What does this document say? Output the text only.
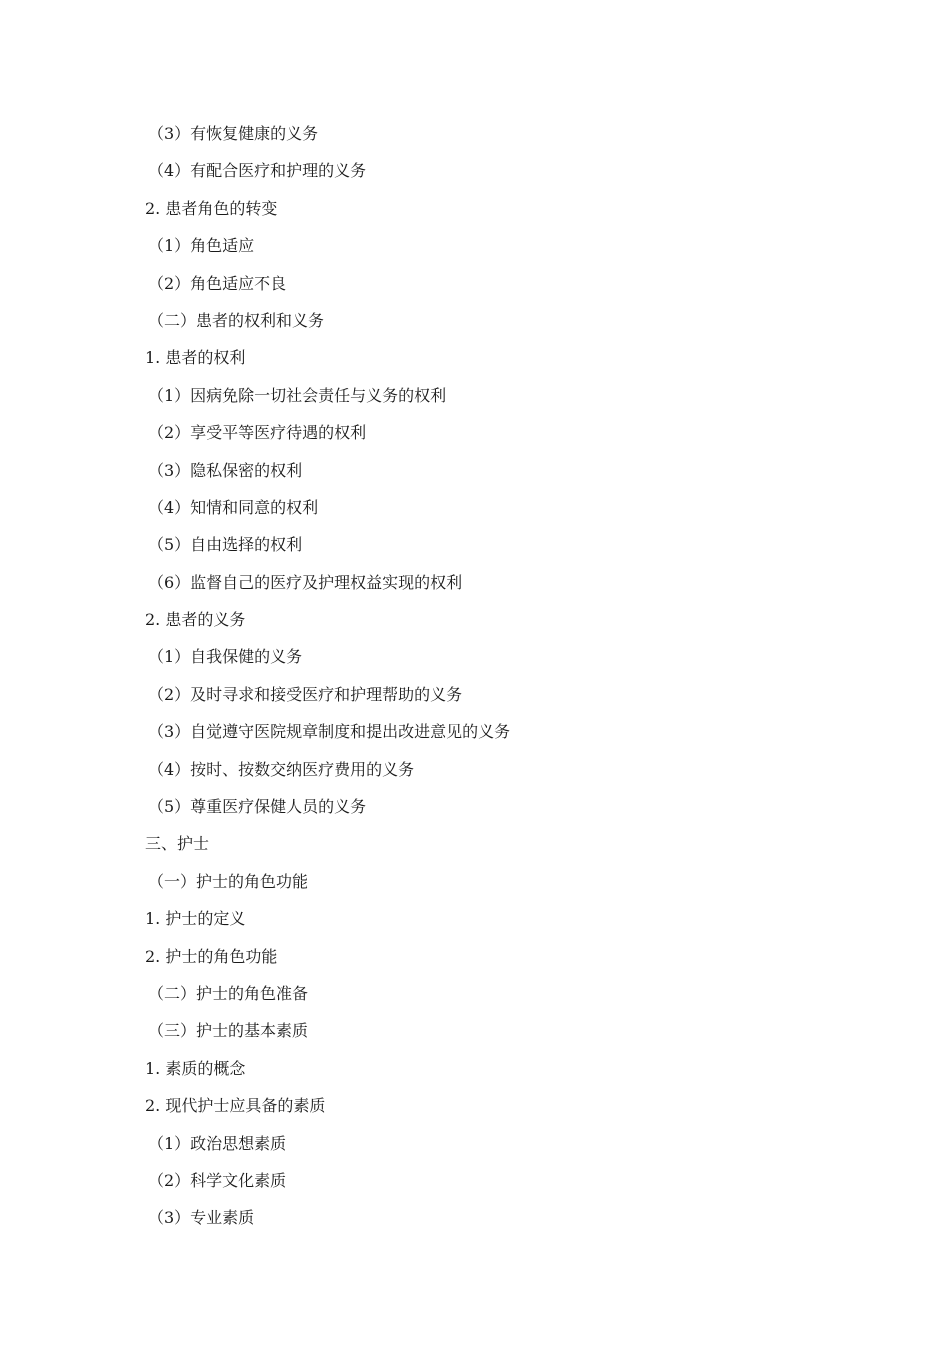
（3）有恢复健康的义务
（4）有配合医疗和护理的义务
2. 患者角色的转变
（1）角色适应
（2）角色适应不良
（二）患者的权利和义务
1. 患者的权利
（1）因病免除一切社会责任与义务的权利
（2）享受平等医疗待遇的权利
（3）隐私保密的权利
（4）知情和同意的权利
（5）自由选择的权利
（6）监督自己的医疗及护理权益实现的权利
2. 患者的义务
（1）自我保健的义务
（2）及时寻求和接受医疗和护理帮助的义务
（3）自觉遵守医院规章制度和提出改进意见的义务
（4）按时、按数交纳医疗费用的义务
（5）尊重医疗保健人员的义务
三、护士
（一）护士的角色功能
1. 护士的定义
2. 护士的角色功能
（二）护士的角色准备
（三）护士的基本素质
1. 素质的概念
2. 现代护士应具备的素质
（1）政治思想素质
（2）科学文化素质
（3）专业素质
